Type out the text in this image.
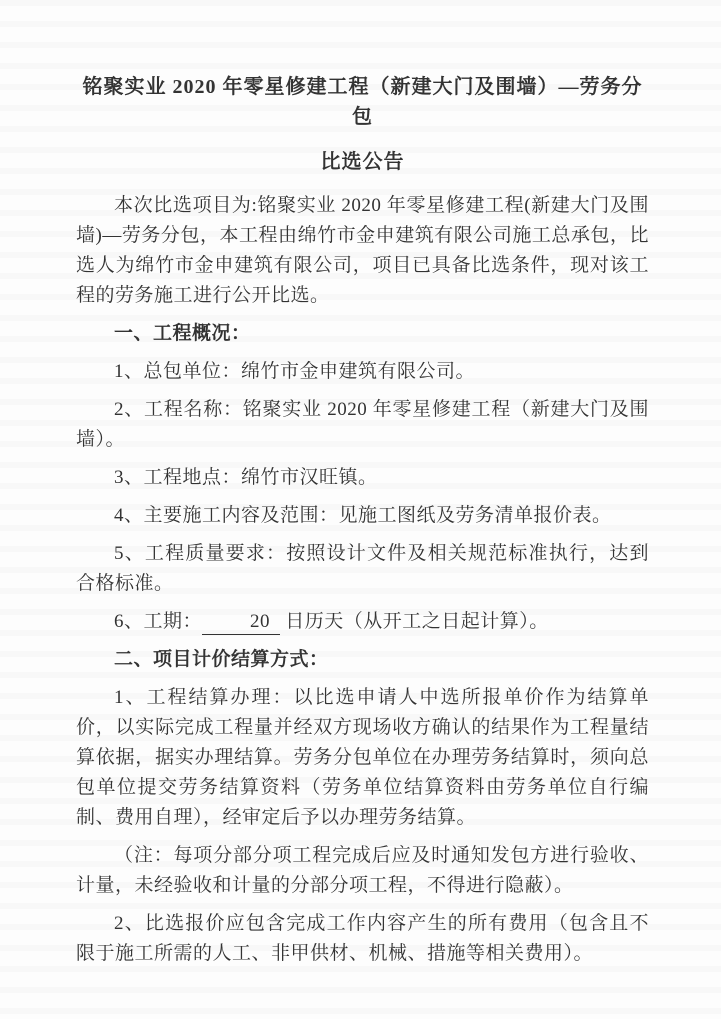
铭聚实业 2020 年零星修建工程（新建大门及围墙）—劳务分包
比选公告

本次比选项目为:铭聚实业 2020 年零星修建工程(新建大门及围墙)—劳务分包，本工程由绵竹市金申建筑有限公司施工总承包，比选人为绵竹市金申建筑有限公司，项目已具备比选条件，现对该工程的劳务施工进行公开比选。

一、工程概况：

1、总包单位：绵竹市金申建筑有限公司。

2、工程名称：铭聚实业 2020 年零星修建工程（新建大门及围墙）。

3、工程地点：绵竹市汉旺镇。

4、主要施工内容及范围：见施工图纸及劳务清单报价表。

5、工程质量要求：按照设计文件及相关规范标准执行，达到合格标准。

6、工期：	20 日历天（从开工之日起计算）。

二、项目计价结算方式：

1、工程结算办理：以比选申请人中选所报单价作为结算单价，以实际完成工程量并经双方现场收方确认的结果作为工程量结算依据，据实办理结算。劳务分包单位在办理劳务结算时，须向总包单位提交劳务结算资料（劳务单位结算资料由劳务单位自行编制、费用自理），经审定后予以办理劳务结算。

（注：每项分部分项工程完成后应及时通知发包方进行验收、计量，未经验收和计量的分部分项工程，不得进行隐蔽）。

2、比选报价应包含完成工作内容产生的所有费用（包含且不限于施工所需的人工、非甲供材、机械、措施等相关费用）。
